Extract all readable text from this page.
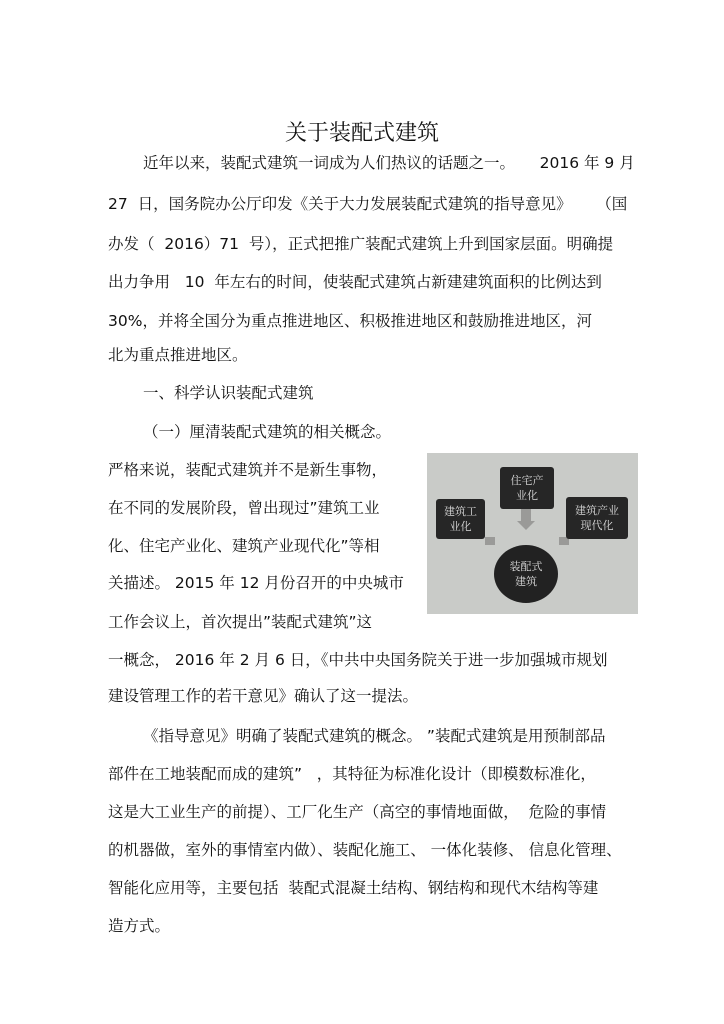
关于装配式建筑
近年以来，装配式建筑一词成为人们热议的话题之一。     2016 年 9 月
27  日，国务院办公厅印发《关于大力发展装配式建筑的指导意见》     （国
办发（  2016）71  号），正式把推广装配式建筑上升到国家层面。明确提
出力争用   10  年左右的时间，使装配式建筑占新建建筑面积的比例达到
30%，并将全国分为重点推进地区、积极推进地区和鼓励推进地区，河
北为重点推进地区。
一、科学认识装配式建筑
（一）厘清装配式建筑的相关概念。
严格来说，装配式建筑并不是新生事物，
在不同的发展阶段，曾出现过”建筑工业
化、住宅产业化、建筑产业现代化”等相
关描述。 2015 年 12 月份召开的中央城市
工作会议上，首次提出”装配式建筑”这
一概念， 2016 年 2 月 6 日，《中共中央国务院关于进一步加强城市规划
建设管理工作的若干意见》确认了这一提法。
《指导意见》明确了装配式建筑的概念。 ”装配式建筑是用预制部品
部件在工地装配而成的建筑”   ，其特征为标准化设计（即模数标准化，
这是大工业生产的前提）、工厂化生产（高空的事情地面做，  危险的事情
的机器做，室外的事情室内做）、装配化施工、 一体化装修、 信息化管理、
智能化应用等，主要包括  装配式混凝土结构、钢结构和现代木结构等建
造方式。
住宅产
业化
建筑工
业化
建筑产业
现代化
装配式
建筑
